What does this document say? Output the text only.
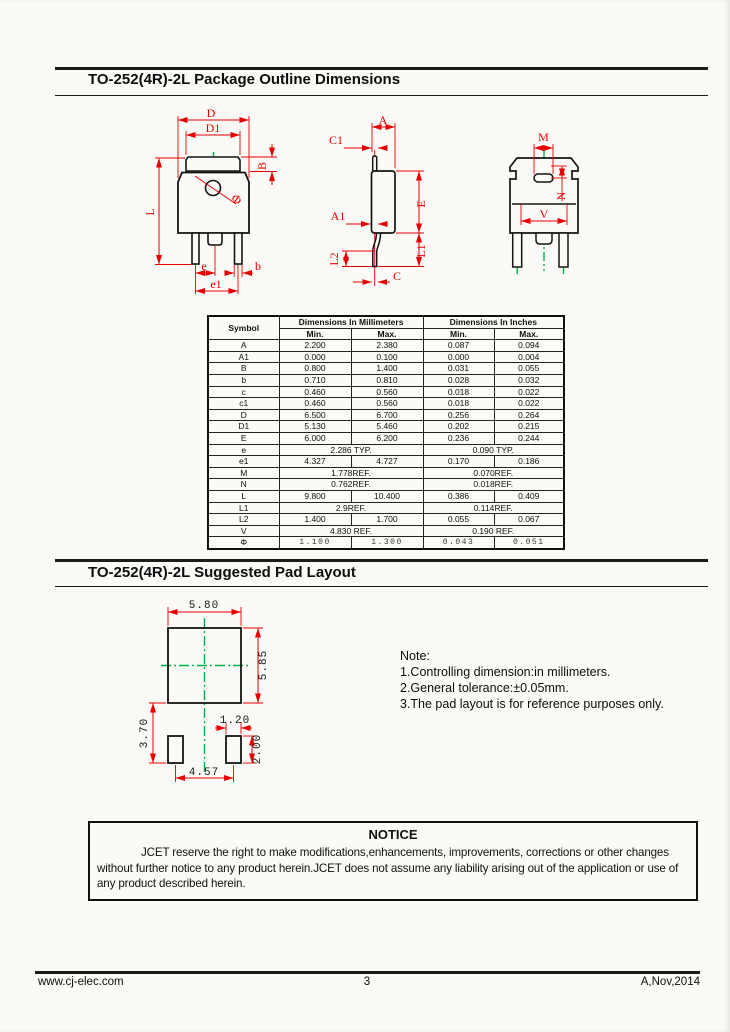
TO-252(4R)-2L Package Outline Dimensions
D
D1
B
L
Φ
e
e1
b
A
C1
A1
E
L1
L2
C
M
N
V
Symbol	Dimensions In Millimeters		Dimensions In Inches	
	Min.	Max.	Min.	Max.
A	2.200	2.380	0.087	0.094
A1	0.000	0.100	0.000	0.004
B	0.800	1.400	0.031	0.055
b	0.710	0.810	0.028	0.032
c	0.460	0.560	0.018	0.022
c1	0.460	0.560	0.018	0.022
D	6.500	6.700	0.256	0.264
D1	5.130	5.460	0.202	0.215
E	6.000	6.200	0.236	0.244
e	2.286 TYP.		0.090 TYP.	
e1	4.327	4.727	0.170	0.186
M	1.778REF.		0.070REF.	
N	0.762REF.		0.018REF.	
L	9.800	10.400	0.386	0.409
L1	2.9REF.		0.114REF.	
L2	1.400	1.700	0.055	0.067
V	4.830 REF.		0.190 REF.	
Φ	1.100	1.300	0.043	0.051
TO-252(4R)-2L Suggested Pad Layout
5.80
5.85
3.70	1.20
2.00
4.57
Note:
1.Controlling dimension:in millimeters.
2.General tolerance:±0.05mm.
3.The pad layout is for reference purposes only.
NOTICE

JCET reserve the right to make modifications,enhancements, improvements, corrections or other changes without further notice to any product herein.JCET does not assume any liability arising out of the application or use of any product described herein.

www.cj-elec.com	3	A,Nov,2014
